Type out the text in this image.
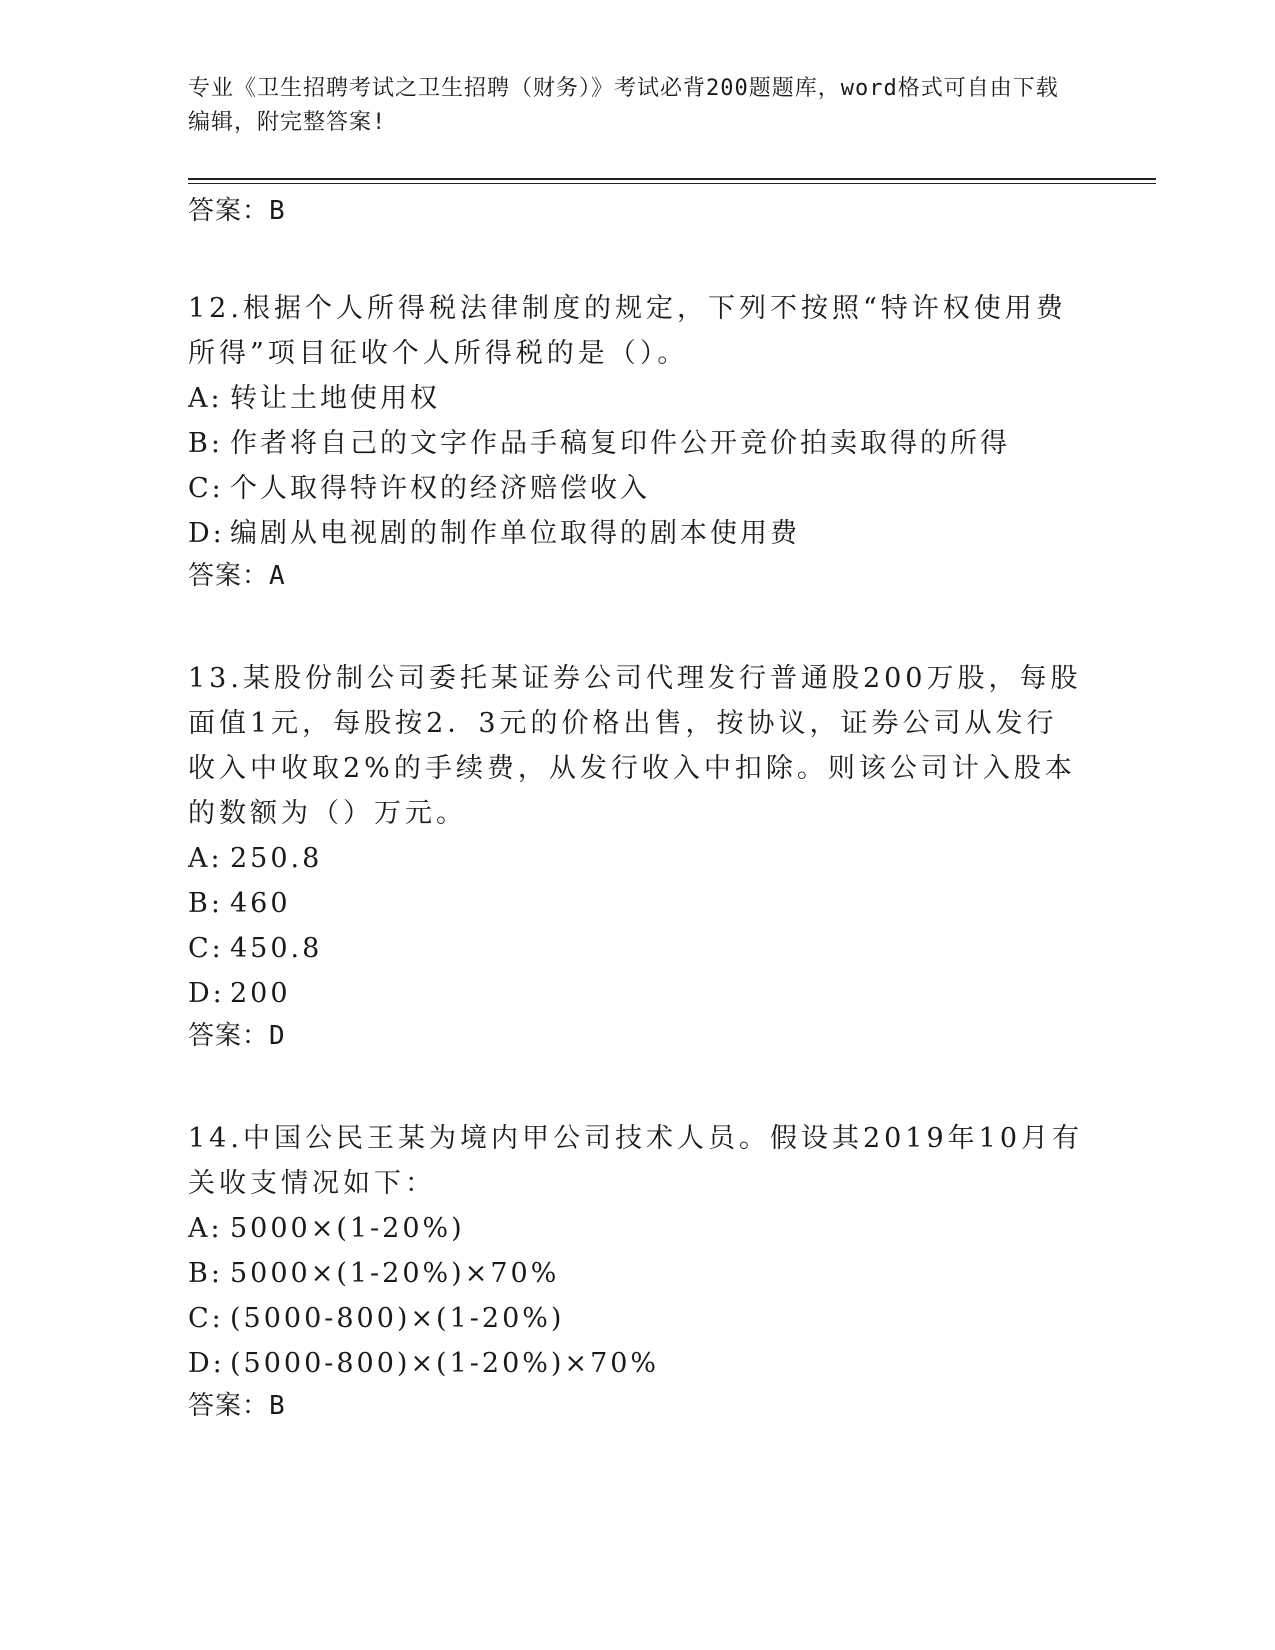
专业《卫生招聘考试之卫生招聘（财务）》考试必背200题题库，word格式可自由下载编辑，附完整答案!

答案：B

12.根据个人所得税法律制度的规定，下列不按照“特许权使用费所得”项目征收个人所得税的是（）。

A: 转让土地使用权

B: 作者将自己的文字作品手稿复印件公开竞价拍卖取得的所得

C: 个人取得特许权的经济赔偿收入

D: 编剧从电视剧的制作单位取得的剧本使用费

答案：A

13.某股份制公司委托某证券公司代理发行普通股200万股，每股面值1元，每股按2．3元的价格出售，按协议，证券公司从发行收入中收取2%的手续费，从发行收入中扣除。则该公司计入股本的数额为（）万元。

A: 250.8

B: 460

C: 450.8

D: 200

答案：D

14.中国公民王某为境内甲公司技术人员。假设其2019年10月有关收支情况如下：

A: 5000×(1-20%)

B: 5000×(1-20%)×70%

C: (5000-800)×(1-20%)

D: (5000-800)×(1-20%)×70%

答案：B
